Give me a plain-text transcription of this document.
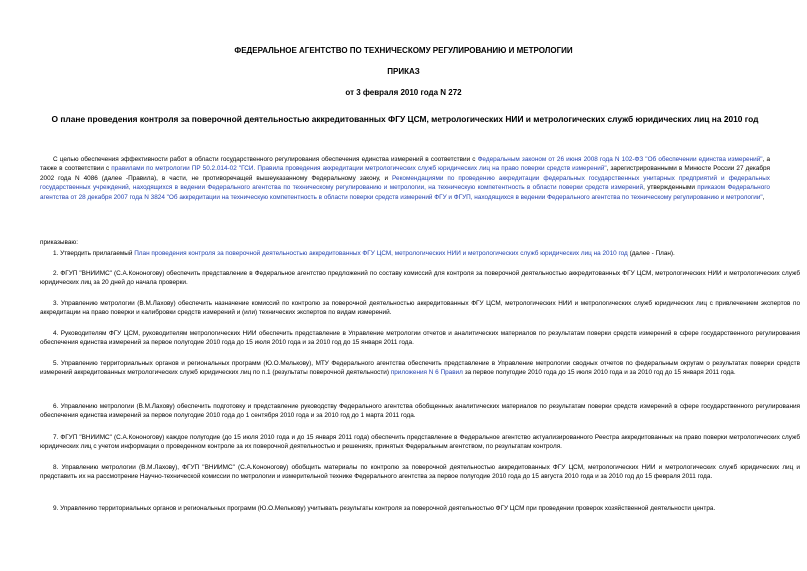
ФЕДЕРАЛЬНОЕ АГЕНТСТВО ПО ТЕХНИЧЕСКОМУ РЕГУЛИРОВАНИЮ И МЕТРОЛОГИИ
ПРИКАЗ
от 3 февраля 2010 года N 272
О плане проведения контроля за поверочной деятельностью аккредитованных ФГУ ЦСМ, метрологических НИИ и метрологических служб юридических лиц на 2010 год
С целью обеспечения эффективности работ в области государственного регулирования обеспечения единства измерений в соответствии с Федеральным законом от 26 июня 2008 года N 102-ФЗ "Об обеспечении единства измерений", а также в соответствии с правилами по метрологии ПР 50.2.014-02 "ГСИ. Правила проведения аккредитации метрологических служб юридических лиц на право поверки средств измерений", зарегистрированными в Минюсте России 27 декабря 2002 года N 4086 (далее -Правила), в части, не противоречащей вышеуказанному Федеральному закону, и Рекомендациями по проведению аккредитации федеральных государственных унитарных предприятий и федеральных государственных учреждений, находящихся в ведении Федерального агентства по техническому регулированию и метрологии, на техническую компетентность в области поверки средств измерений, утвержденными приказом Федерального агентства от 28 декабря 2007 года N 3824 "Об аккредитации на техническую компетентность в области поверки средств измерений ФГУ и ФГУП, находящихся в ведении Федерального агентства по техническому регулированию и метрологии",
приказываю:
1. Утвердить прилагаемый План проведения контроля за поверочной деятельностью аккредитованных ФГУ ЦСМ, метрологических НИИ и метрологических служб юридических лиц на 2010 год (далее - План).
2. ФГУП "ВНИИМС" (С.А.Кононогову) обеспечить представление в Федеральное агентство предложений по составу комиссий для контроля за поверочной деятельностью аккредитованных ФГУ ЦСМ, метрологических НИИ и метрологических служб юридических лиц за 20 дней до начала проверки.
3. Управлению метрологии (В.М.Лахову) обеспечить назначение комиссий по контролю за поверочной деятельностью аккредитованных ФГУ ЦСМ, метрологических НИИ и метрологических служб юридических лиц с привлечением экспертов по аккредитации на право поверки и калибровки средств измерений и (или) технических экспертов по видам измерений.
4. Руководителям ФГУ ЦСМ, руководителям метрологических НИИ обеспечить представление в Управление метрологии отчетов и аналитических материалов по результатам поверки средств измерений в сфере государственного регулирования обеспечения единства измерений за первое полугодие 2010 года до 15 июля 2010 года и за 2010 год до 15 января 2011 года.
5. Управлению территориальных органов и региональных программ (Ю.О.Мелькову), МТУ Федерального агентства обеспечить представление в Управление метрологии сводных отчетов по федеральным округам о результатах поверки средств измерений аккредитованных метрологических служб юридических лиц по п.1 (результаты поверочной деятельности) приложения N 6 Правил за первое полугодие 2010 года до 15 июля 2010 года и за 2010 год до 15 января 2011 года.
6. Управлению метрологии (В.М.Лахову) обеспечить подготовку и представление руководству Федерального агентства обобщенных аналитических материалов по результатам поверки средств измерений в сфере государственного регулирования обеспечения единства измерений за первое полугодие 2010 года до 1 сентября 2010 года и за 2010 год до 1 марта 2011 года.
7. ФГУП "ВНИИМС" (С.А.Кононогову) каждое полугодие (до 15 июля 2010 года и до 15 января 2011 года) обеспечить представление в Федеральное агентство актуализированного Реестра аккредитованных на право поверки метрологических служб юридических лиц с учетом информации о проведенном контроле за их поверочной деятельностью и решениях, принятых Федеральным агентством, по результатам контроля.
8. Управлению метрологии (В.М.Лахову), ФГУП "ВНИИМС" (С.А.Кононогову) обобщить материалы по контролю за поверочной деятельностью аккредитованных ФГУ ЦСМ, метрологических НИИ и метрологических служб юридических лиц и представить их на рассмотрение Научно-технической комиссии по метрологии и измерительной технике Федерального агентства за первое полугодие 2010 года до 15 августа 2010 года и за 2010 год до 15 февраля 2011 года.
9. Управлению территориальных органов и региональных программ (Ю.О.Мелькову) учитывать результаты контроля за поверочной деятельностью ФГУ ЦСМ при проведении проверок хозяйственной деятельности центра.
